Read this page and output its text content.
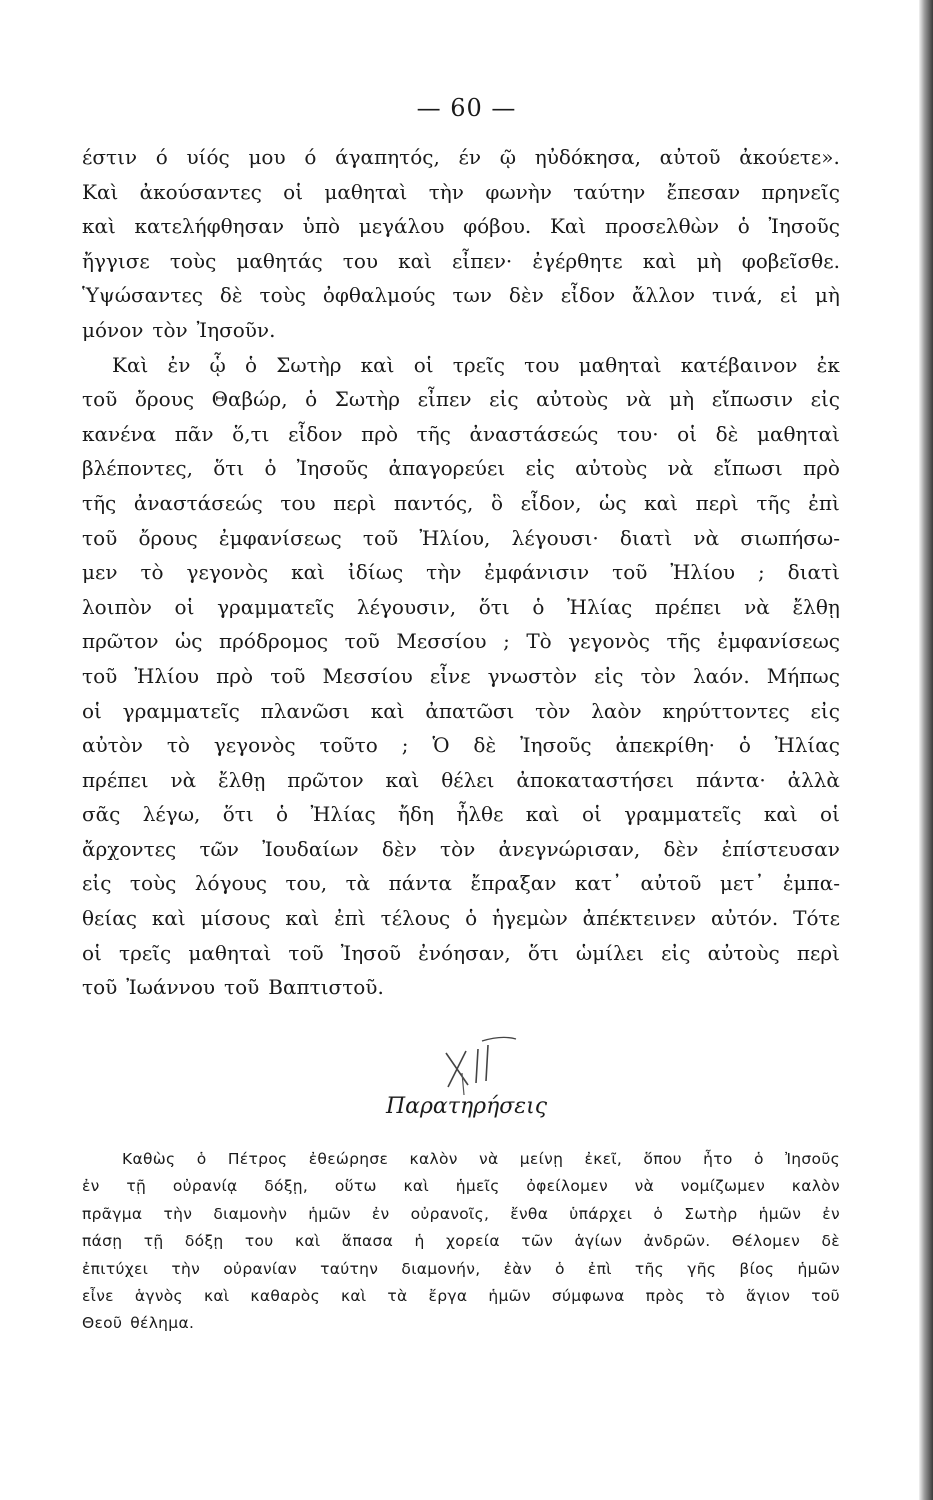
— 60 —
έστιν ό υίός μου ό άγαπητός, έν ῷ ηὐδόκησα, αὐτοῦ ἀκούετε».
Καὶ ἀκούσαντες οἱ μαθηταὶ τὴν φωνὴν ταύτην ἔπεσαν πρηνεῖς
καὶ κατελήφθησαν ὑπὸ μεγάλου φόβου. Καὶ προσελθὼν ὁ Ἰησοῦς
ἤγγισε τοὺς μαθητάς του καὶ εἶπεν· ἐγέρθητε καὶ μὴ φοβεῖσθε.
Ὑψώσαντες δὲ τοὺς ὀφθαλμούς των δὲν εἶδον ἄλλον τινά, εἰ μὴ
μόνον τὸν Ἰησοῦν.
Καὶ ἐν ᾧ ὁ Σωτὴρ καὶ οἱ τρεῖς του μαθηταὶ κατέβαινον ἐκ
τοῦ ὄρους Θαβώρ, ὁ Σωτὴρ εἶπεν εἰς αὐτοὺς νὰ μὴ εἴπωσιν εἰς
κανένα πᾶν ὅ,τι εἶδον πρὸ τῆς ἀναστάσεώς του· οἱ δὲ μαθηταὶ
βλέποντες, ὅτι ὁ Ἰησοῦς ἀπαγορεύει εἰς αὐτοὺς νὰ εἴπωσι πρὸ
τῆς ἀναστάσεώς του περὶ παντός, ὃ εἶδον, ὡς καὶ περὶ τῆς ἐπὶ
τοῦ ὄρους ἐμφανίσεως τοῦ Ἠλίου, λέγουσι· διατὶ νὰ σιωπήσω-
μεν τὸ γεγονὸς καὶ ἰδίως τὴν ἐμφάνισιν τοῦ Ἠλίου ; διατὶ
λοιπὸν οἱ γραμματεῖς λέγουσιν, ὅτι ὁ Ἠλίας πρέπει νὰ ἔλθῃ
πρῶτον ὡς πρόδρομος τοῦ Μεσσίου ; Τὸ γεγονὸς τῆς ἐμφανίσεως
τοῦ Ἠλίου πρὸ τοῦ Μεσσίου εἶνε γνωστὸν εἰς τὸν λαόν. Μήπως
οἱ γραμματεῖς πλανῶσι καὶ ἀπατῶσι τὸν λαὸν κηρύττοντες εἰς
αὐτὸν τὸ γεγονὸς τοῦτο ; Ὁ δὲ Ἰησοῦς ἀπεκρίθη· ὁ Ἠλίας
πρέπει νὰ ἔλθῃ πρῶτον καὶ θέλει ἀποκαταστήσει πάντα· ἀλλὰ
σᾶς λέγω, ὅτι ὁ Ἠλίας ἤδη ἦλθε καὶ οἱ γραμματεῖς καὶ οἱ
ἄρχοντες τῶν Ἰουδαίων δὲν τὸν ἀνεγνώρισαν, δὲν ἐπίστευσαν
εἰς τοὺς λόγους του, τὰ πάντα ἔπραξαν κατ᾽ αὐτοῦ μετ᾽ ἐμπα-
θείας καὶ μίσους καὶ ἐπὶ τέλους ὁ ἡγεμὼν ἀπέκτεινεν αὐτόν. Τότε
οἱ τρεῖς μαθηταὶ τοῦ Ἰησοῦ ἐνόησαν, ὅτι ὡμίλει εἰς αὐτοὺς περὶ
τοῦ Ἰωάννου τοῦ Βαπτιστοῦ.
Παρατηρήσεις
Καθὼς ὁ Πέτρος ἐθεώρησε καλὸν νὰ μείνῃ ἐκεῖ, ὅπου ἦτο ὁ Ἰησοῦς
ἐν τῇ οὐρανίᾳ δόξῃ, οὕτω καὶ ἡμεῖς ὀφείλομεν νὰ νομίζωμεν καλὸν
πρᾶγμα τὴν διαμονὴν ἡμῶν ἐν οὐρανοῖς, ἔνθα ὑπάρχει ὁ Σωτὴρ ἡμῶν ἐν
πάσῃ τῇ δόξῃ του καὶ ἅπασα ἡ χορεία τῶν ἁγίων ἀνδρῶν. Θέλομεν δὲ
ἐπιτύχει τὴν οὐρανίαν ταύτην διαμονήν, ἐὰν ὁ ἐπὶ τῆς γῆς βίος ἡμῶν
εἶνε ἁγνὸς καὶ καθαρὸς καὶ τὰ ἔργα ἡμῶν σύμφωνα πρὸς τὸ ἅγιον τοῦ
Θεοῦ θέλημα.
